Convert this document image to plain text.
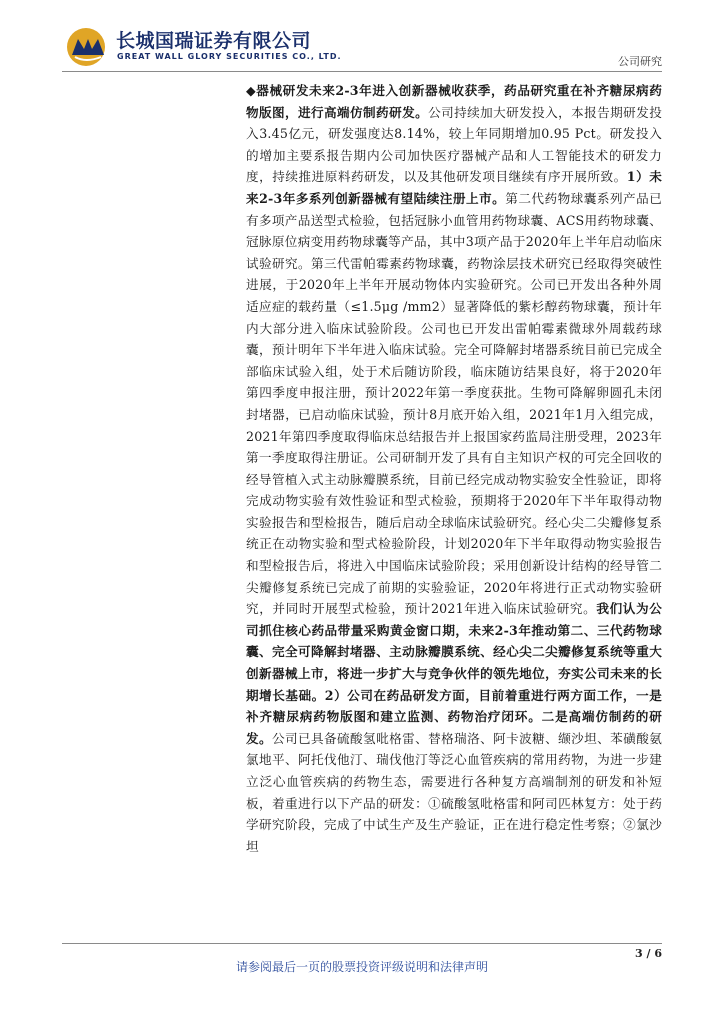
长城国瑞证券有限公司
GREAT WALL GLORY SECURITIES CO., LTD.	公司研究

◆器械研发未来2-3年进入创新器械收获季，药品研究重在补齐糖尿病药物版图，进行高端仿制药研发。公司持续加大研发投入，本报告期研发投入3.45亿元，研发强度达8.14%，较上年同期增加0.95 Pct。研发投入的增加主要系报告期内公司加快医疗器械产品和人工智能技术的研发力度，持续推进原料药研发，以及其他研发项目继续有序开展所致。1）未来2-3年多系列创新器械有望陆续注册上市。第二代药物球囊系列产品已有多项产品送型式检验，包括冠脉小血管用药物球囊、ACS用药物球囊、冠脉原位病变用药物球囊等产品，其中3项产品于2020年上半年启动临床试验研究。第三代雷帕霉素药物球囊，药物涂层技术研究已经取得突破性进展，于2020年上半年开展动物体内实验研究。公司已开发出各种外周适应症的载药量（≤1.5μg /mm2）显著降低的紫杉醇药物球囊，预计年内大部分进入临床试验阶段。公司也已开发出雷帕霉素微球外周载药球囊，预计明年下半年进入临床试验。完全可降解封堵器系统目前已完成全部临床试验入组，处于术后随访阶段，临床随访结果良好，将于2020年第四季度申报注册，预计2022年第一季度获批。生物可降解卵圆孔未闭封堵器，已启动临床试验，预计8月底开始入组，2021年1月入组完成，2021年第四季度取得临床总结报告并上报国家药监局注册受理，2023年第一季度取得注册证。公司研制开发了具有自主知识产权的可完全回收的经导管植入式主动脉瓣膜系统，目前已经完成动物实验安全性验证，即将完成动物实验有效性验证和型式检验，预期将于2020年下半年取得动物实验报告和型检报告，随后启动全球临床试验研究。经心尖二尖瓣修复系统正在动物实验和型式检验阶段，计划2020年下半年取得动物实验报告和型检报告后，将进入中国临床试验阶段；采用创新设计结构的经导管二尖瓣修复系统已完成了前期的实验验证，2020年将进行正式动物实验研究，并同时开展型式检验，预计2021年进入临床试验研究。我们认为公司抓住核心药品带量采购黄金窗口期，未来2-3年推动第二、三代药物球囊、完全可降解封堵器、主动脉瓣膜系统、经心尖二尖瓣修复系统等重大创新器械上市，将进一步扩大与竞争伙伴的领先地位，夯实公司未来的长期增长基础。2）公司在药品研发方面，目前着重进行两方面工作，一是补齐糖尿病药物版图和建立监测、药物治疗闭环。二是高端仿制药的研发。公司已具备硫酸氢吡格雷、替格瑞洛、阿卡波糖、缬沙坦、苯磺酸氨氯地平、阿托伐他汀、瑞伐他汀等泛心血管疾病的常用药物，为进一步建立泛心血管疾病的药物生态，需要进行各种复方高端制剂的研发和补短板，着重进行以下产品的研发：①硫酸氢吡格雷和阿司匹林复方：处于药学研究阶段，完成了中试生产及生产验证，正在进行稳定性考察；②氯沙坦

3 / 6
请参阅最后一页的股票投资评级说明和法律声明
